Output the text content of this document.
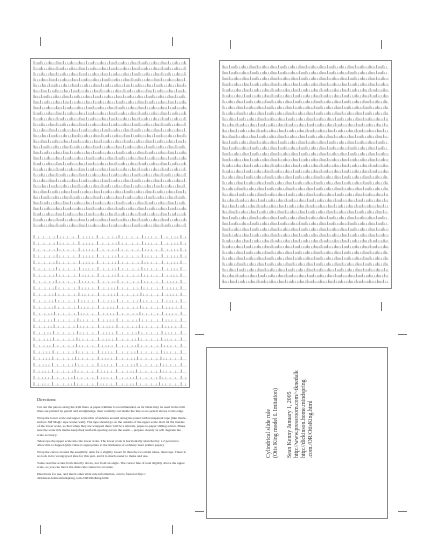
Cylindrical slide rule (Otis King model L Imitation) Sean Kenny January 1, 2005 http://www.pressroom.com/~tknedalk http://dickinson.home.mindspring .com./OR/OtisKing.html
Directions:

Cut out the pieces along the trim lines. A paper trimmer is recommended, as its blade may be used in the trim lines are printed by pencil and straightedge, then carefully cut inside the line so no pencil shows to the edge.

Wrap the lower scale and upper scale trim of indexes around along the panel with transparent tape (like matte-surface 3M Magic tape works well). The tape should go on the outside of the upper scale. Roll all the insides of the lower scale, so that when they are wrapped there will be a smooth, paper-to-paper sliding action. Make sure the scale tick marks keep their uniform spacing across the seam -- prepare cleanly as will degrade the scale accuracy.

Telescope the upper scale into the lower scale. The lower scale is horizontally stretched by 1.2 percent to allow this to happen (this value is appropriate to the thickness of ordinary laser printer paper).

Wrap the cursor around the assembly. Aim for a slightly looser fit than the two main tubes, then tape. There is no lock in its wrong/good idea for this part, and it is much easier to make and use.

Some read the scales from directly above, not from an angle. The cursor line, if read slightly above the upper scale, so you can move the slide rule cannot be accurate.

Directions for use, and much other slide rule information, can be found at http:// dickinson.home.mindspring.com./OR/OtisKing.html
